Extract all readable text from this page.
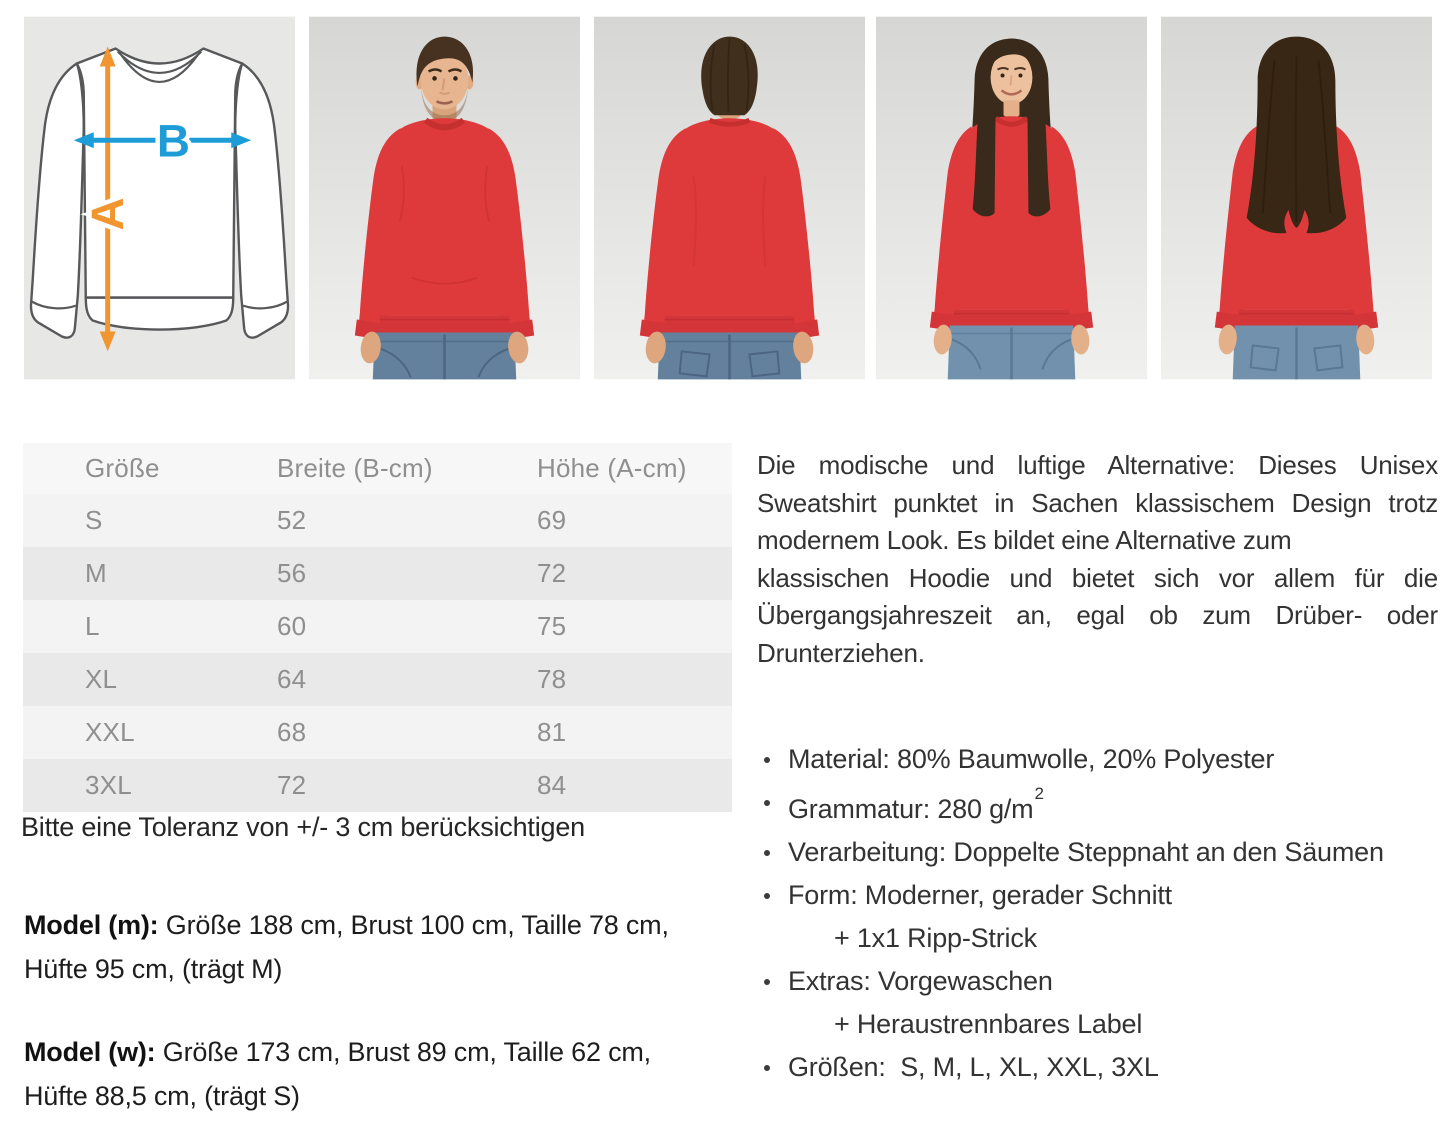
A
B
Größe	Breite (B-cm)	Höhe (A-cm)
S	52	69
M	56	72
L	60	75
XL	64	78
XXL	68	81
3XL	72	84
Bitte eine Toleranz von +/- 3 cm berücksichtigen

Model (m): Größe 188 cm, Brust 100 cm, Taille 78 cm, Hüfte 95 cm, (trägt M)

Model (w): Größe 173 cm, Brust 89 cm, Taille 62 cm, Hüfte 88,5 cm, (trägt S)

Die modische und luftige Alternative: Dieses Unisex
Sweatshirt punktet in Sachen klassischem Design trotz
modernem Look. Es bildet eine Alternative zum
klassischen Hoodie und bietet sich vor allem für die
Übergangsjahreszeit an, egal ob zum Drüber- oder
Drunterziehen.
Material: 80% Baumwolle, 20% Polyester
Grammatur: 280 $g/m^2$
Verarbeitung: Doppelte Steppnaht an den Säumen
Form: Moderner, gerader Schnitt
+ 1x1 Ripp-Strick
Extras: Vorgewaschen
+ Heraustrennbares Label
Größen:  S, M, L, XL, XXL, 3XL
